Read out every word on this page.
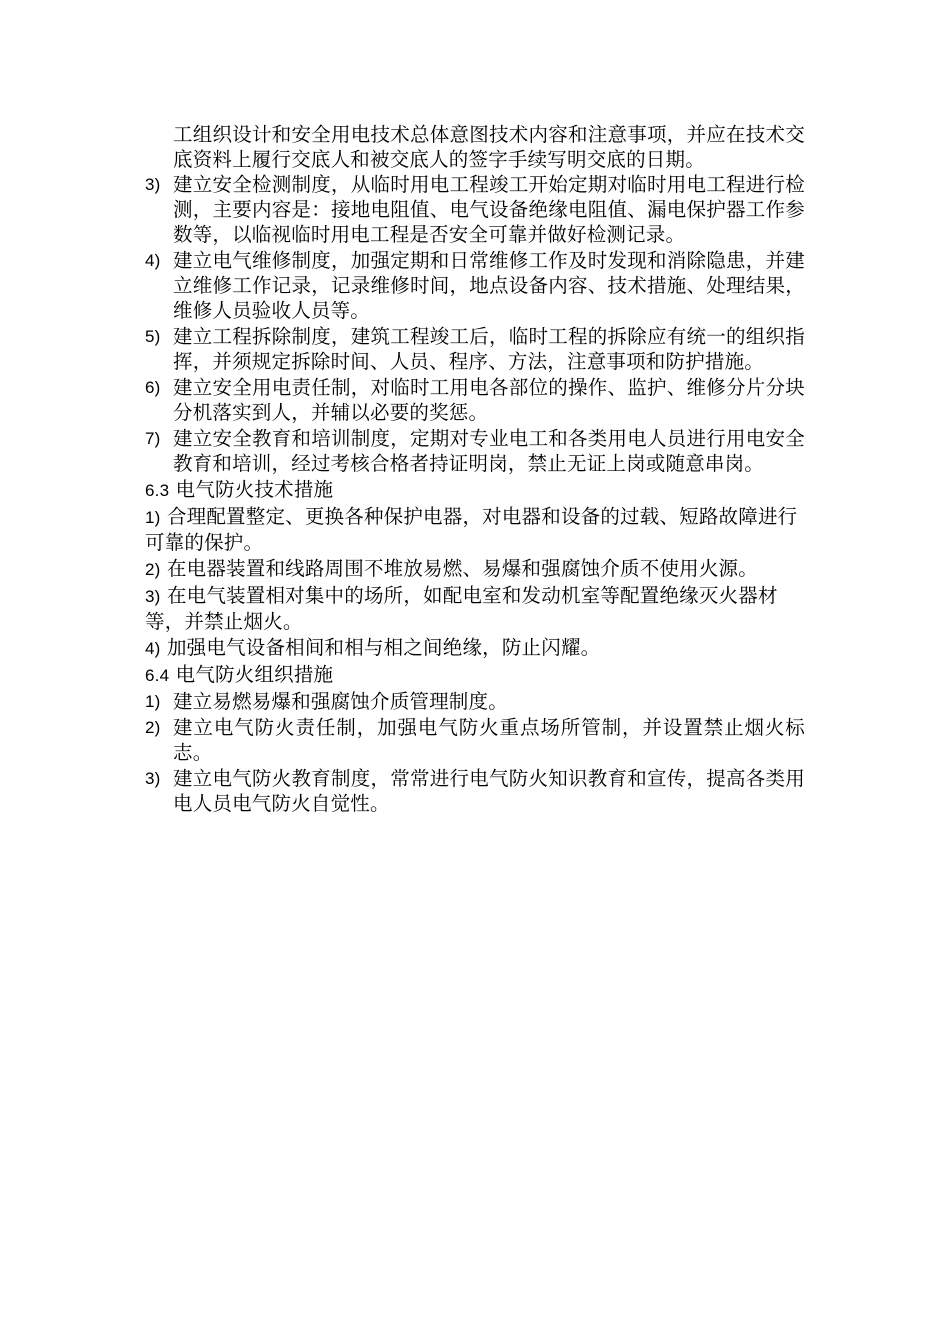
工组织设计和安全用电技术总体意图技术内容和注意事项，并应在技术交底资料上履行交底人和被交底人的签字手续写明交底的日期。
3) 建立安全检测制度，从临时用电工程竣工开始定期对临时用电工程进行检测，主要内容是：接地电阻值、电气设备绝缘电阻值、漏电保护器工作参数等，以临视临时用电工程是否安全可靠并做好检测记录。
4) 建立电气维修制度，加强定期和日常维修工作及时发现和消除隐患，并建立维修工作记录，记录维修时间，地点设备内容、技术措施、处理结果，维修人员验收人员等。
5) 建立工程拆除制度，建筑工程竣工后，临时工程的拆除应有统一的组织指挥，并须规定拆除时间、人员、程序、方法，注意事项和防护措施。
6) 建立安全用电责任制，对临时工用电各部位的操作、监护、维修分片分块分机落实到人，并辅以必要的奖惩。
7) 建立安全教育和培训制度，定期对专业电工和各类用电人员进行用电安全教育和培训，经过考核合格者持证明岗，禁止无证上岗或随意串岗。
6.3 电气防火技术措施
1) 合理配置整定、更换各种保护电器，对电器和设备的过载、短路故障进行可靠的保护。
2) 在电器装置和线路周围不堆放易燃、易爆和强腐蚀介质不使用火源。
3) 在电气装置相对集中的场所，如配电室和发动机室等配置绝缘灭火器材等，并禁止烟火。
4) 加强电气设备相间和相与相之间绝缘，防止闪耀。
6.4 电气防火组织措施
1) 建立易燃易爆和强腐蚀介质管理制度。
2) 建立电气防火责任制，加强电气防火重点场所管制，并设置禁止烟火标志。
3) 建立电气防火教育制度，常常进行电气防火知识教育和宣传，提高各类用电人员电气防火自觉性。
